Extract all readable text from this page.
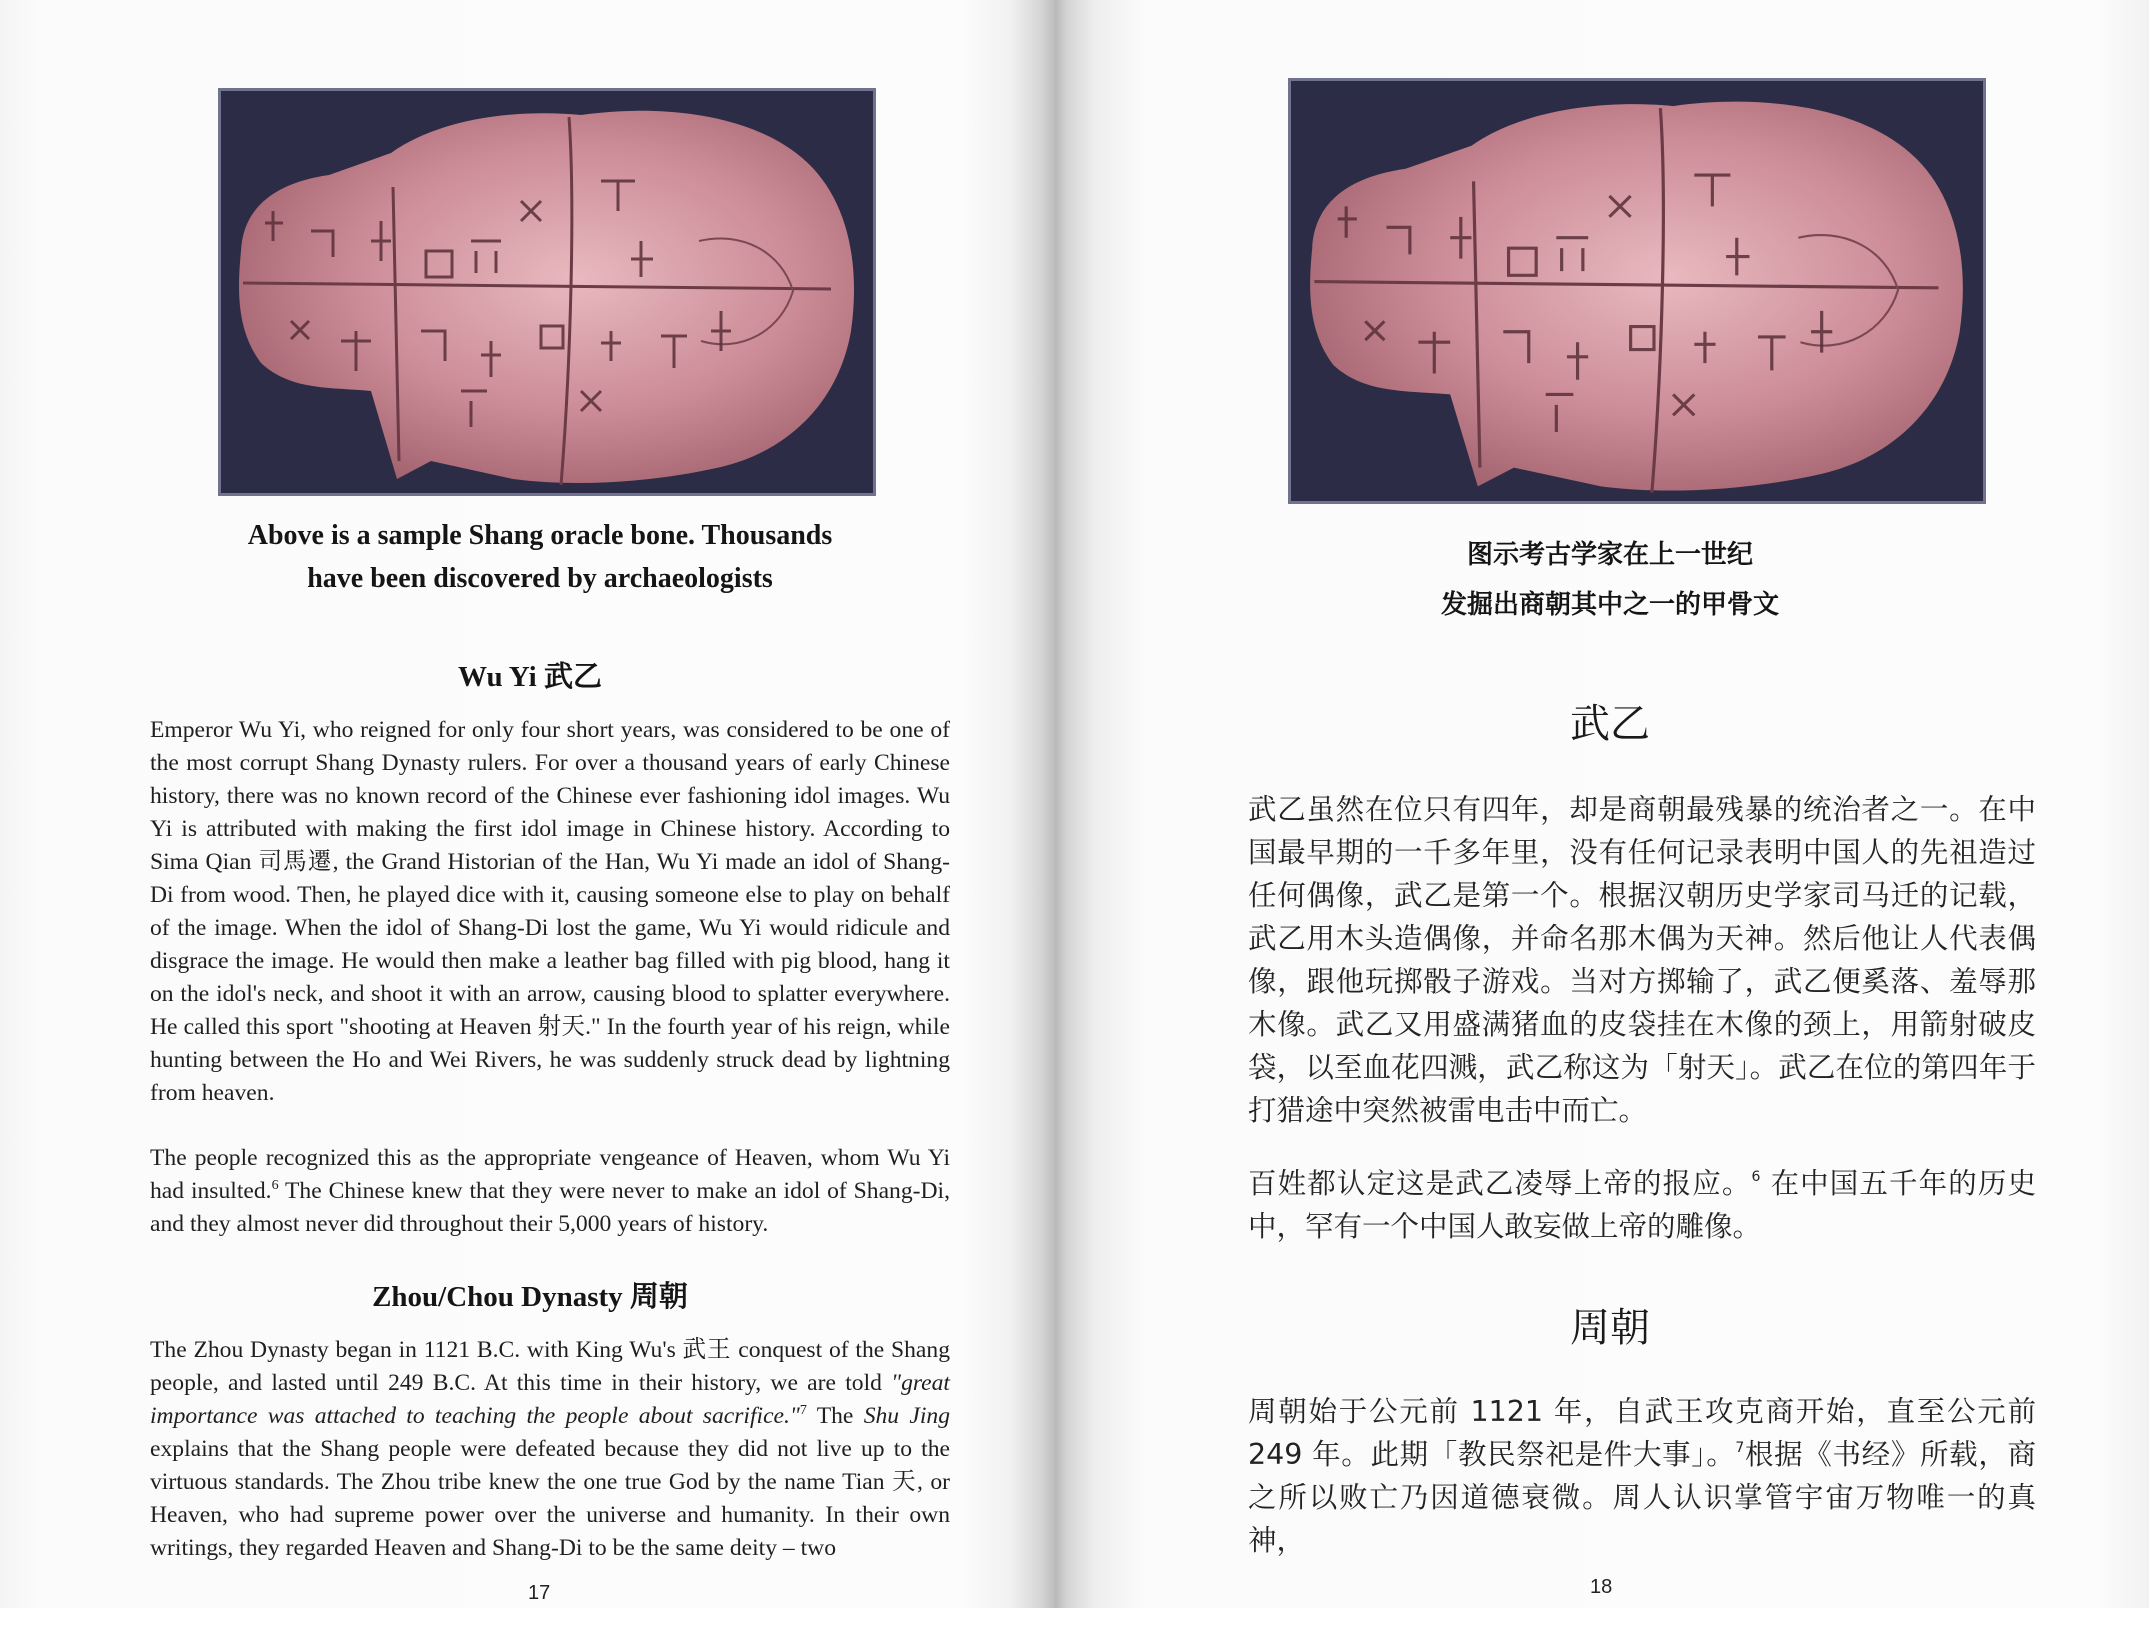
Above is a sample Shang oracle bone. Thousands
have been discovered by archaeologists
Wu Yi 武乙
Emperor Wu Yi, who reigned for only four short years, was considered to be one of the most corrupt Shang Dynasty rulers. For over a thousand years of early Chinese history, there was no known record of the Chinese ever fashioning idol images. Wu Yi is attributed with making the first idol image in Chinese history. According to Sima Qian 司馬遷, the Grand Historian of the Han, Wu Yi made an idol of Shang-Di from wood. Then, he played dice with it, causing someone else to play on behalf of the image. When the idol of Shang-Di lost the game, Wu Yi would ridicule and disgrace the image. He would then make a leather bag filled with pig blood, hang it on the idol's neck, and shoot it with an arrow, causing blood to splatter everywhere. He called this sport "shooting at Heaven 射天." In the fourth year of his reign, while hunting between the Ho and Wei Rivers, he was suddenly struck dead by lightning from heaven.
The people recognized this as the appropriate vengeance of Heaven, whom Wu Yi had insulted.$^6$ The Chinese knew that they were never to make an idol of Shang-Di, and they almost never did throughout their 5,000 years of history.
Zhou/Chou Dynasty 周朝
The Zhou Dynasty began in 1121 B.C. with King Wu's 武王 conquest of the Shang people, and lasted until 249 B.C. At this time in their history, we are told "great importance was attached to teaching the people about sacrifice."$^7$ The Shu Jing explains that the Shang people were defeated because they did not live up to the virtuous standards. The Zhou tribe knew the one true God by the name Tian 天, or Heaven, who had supreme power over the universe and humanity. In their own writings, they regarded Heaven and Shang-Di to be the same deity – two
17
图示考古学家在上一世纪
发掘出商朝其中之一的甲骨文
武乙
武乙虽然在位只有四年，却是商朝最残暴的统治者之一。在中国最早期的一千多年里，没有任何记录表明中国人的先祖造过任何偶像，武乙是第一个。根据汉朝历史学家司马迁的记载，武乙用木头造偶像，并命名那木偶为天神。然后他让人代表偶像，跟他玩掷骰子游戏。当对方掷输了，武乙便奚落、羞辱那木像。武乙又用盛满猪血的皮袋挂在木像的颈上，用箭射破皮袋，以至血花四溅，武乙称这为「射天」。武乙在位的第四年于打猎途中突然被雷电击中而亡。
百姓都认定这是武乙凌辱上帝的报应。$^6$ 在中国五千年的历史中，罕有一个中国人敢妄做上帝的雕像。
周朝
周朝始于公元前 1121 年，自武王攻克商开始，直至公元前 249 年。此期「教民祭祀是件大事」。$^7$根据《书经》所载，商之所以败亡乃因道德衰微。周人认识掌管宇宙万物唯一的真神，
18
